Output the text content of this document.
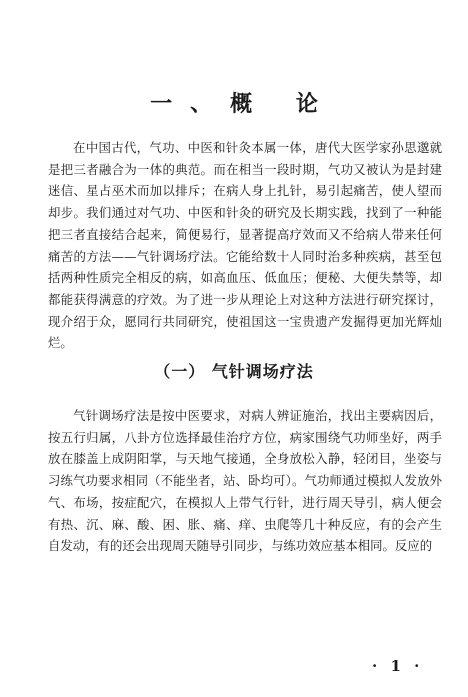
一、概 论
在中国古代，气功、中医和针灸本属一体，唐代大医学家孙思邈就是把三者融合为一体的典范。而在相当一段时期，气功又被认为是封建迷信、星占巫术而加以排斥；在病人身上扎针，易引起痛苦，使人望而却步。我们通过对气功、中医和针灸的研究及长期实践，找到了一种能把三者直接结合起来，简便易行，显著提高疗效而又不给病人带来任何痛苦的方法——气针调场疗法。它能给数十人同时治多种疾病，甚至包括两种性质完全相反的病，如高血压、低血压；便秘、大便失禁等，却都能获得满意的疗效。为了进一步从理论上对这种方法进行研究探讨，现介绍于众，愿同行共同研究，使祖国这一宝贵遗产发掘得更加光辉灿烂。
（一） 气针调场疗法
气针调场疗法是按中医要求，对病人辨证施治，找出主要病因后，按五行归属，八卦方位选择最佳治疗方位，病家围绕气功师坐好，两手放在膝盖上成阴阳掌，与天地气接通，全身放松入静，轻闭目，坐姿与习练气功要求相同（不能坐者，站、卧均可）。气功师通过模拟人发放外气、布场，按症配穴，在模拟人上带气行针，进行周天导引，病人便会有热、沉、麻、酸、困、胀、痛、痒、虫爬等几十种反应，有的会产生自发动，有的还会出现周天随导引同步，与练功效应基本相同。反应的
· 1 ·
